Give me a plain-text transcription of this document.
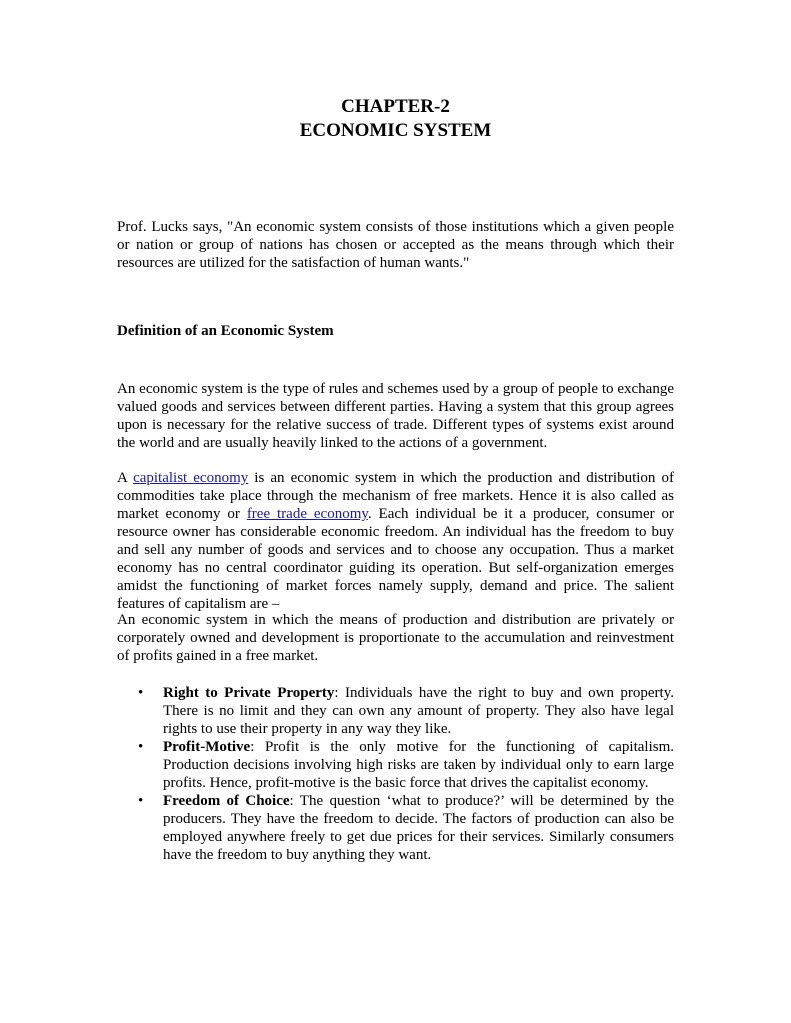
CHAPTER-2
ECONOMIC SYSTEM

Prof. Lucks says, "An economic system consists of those institutions which a given people or nation or group of nations has chosen or accepted as the means through which their resources are utilized for the satisfaction of human wants."

Definition of an Economic System

An economic system is the type of rules and schemes used by a group of people to exchange valued goods and services between different parties. Having a system that this group agrees upon is necessary for the relative success of trade. Different types of systems exist around the world and are usually heavily linked to the actions of a government.

A capitalist economy is an economic system in which the production and distribution of commodities take place through the mechanism of free markets. Hence it is also called as market economy or free trade economy. Each individual be it a producer, consumer or resource owner has considerable economic freedom. An individual has the freedom to buy and sell any number of goods and services and to choose any occupation. Thus a market economy has no central coordinator guiding its operation. But self-organization emerges amidst the functioning of market forces namely supply, demand and price. The salient features of capitalism are –

An economic system in which the means of production and distribution are privately or corporately owned and development is proportionate to the accumulation and reinvestment of profits gained in a free market.

• Right to Private Property: Individuals have the right to buy and own property. There is no limit and they can own any amount of property. They also have legal rights to use their property in any way they like.
• Profit-Motive: Profit is the only motive for the functioning of capitalism. Production decisions involving high risks are taken by individual only to earn large profits. Hence, profit-motive is the basic force that drives the capitalist economy.
• Freedom of Choice: The question ‘what to produce?’ will be determined by the producers. They have the freedom to decide. The factors of production can also be employed anywhere freely to get due prices for their services. Similarly consumers have the freedom to buy anything they want.
